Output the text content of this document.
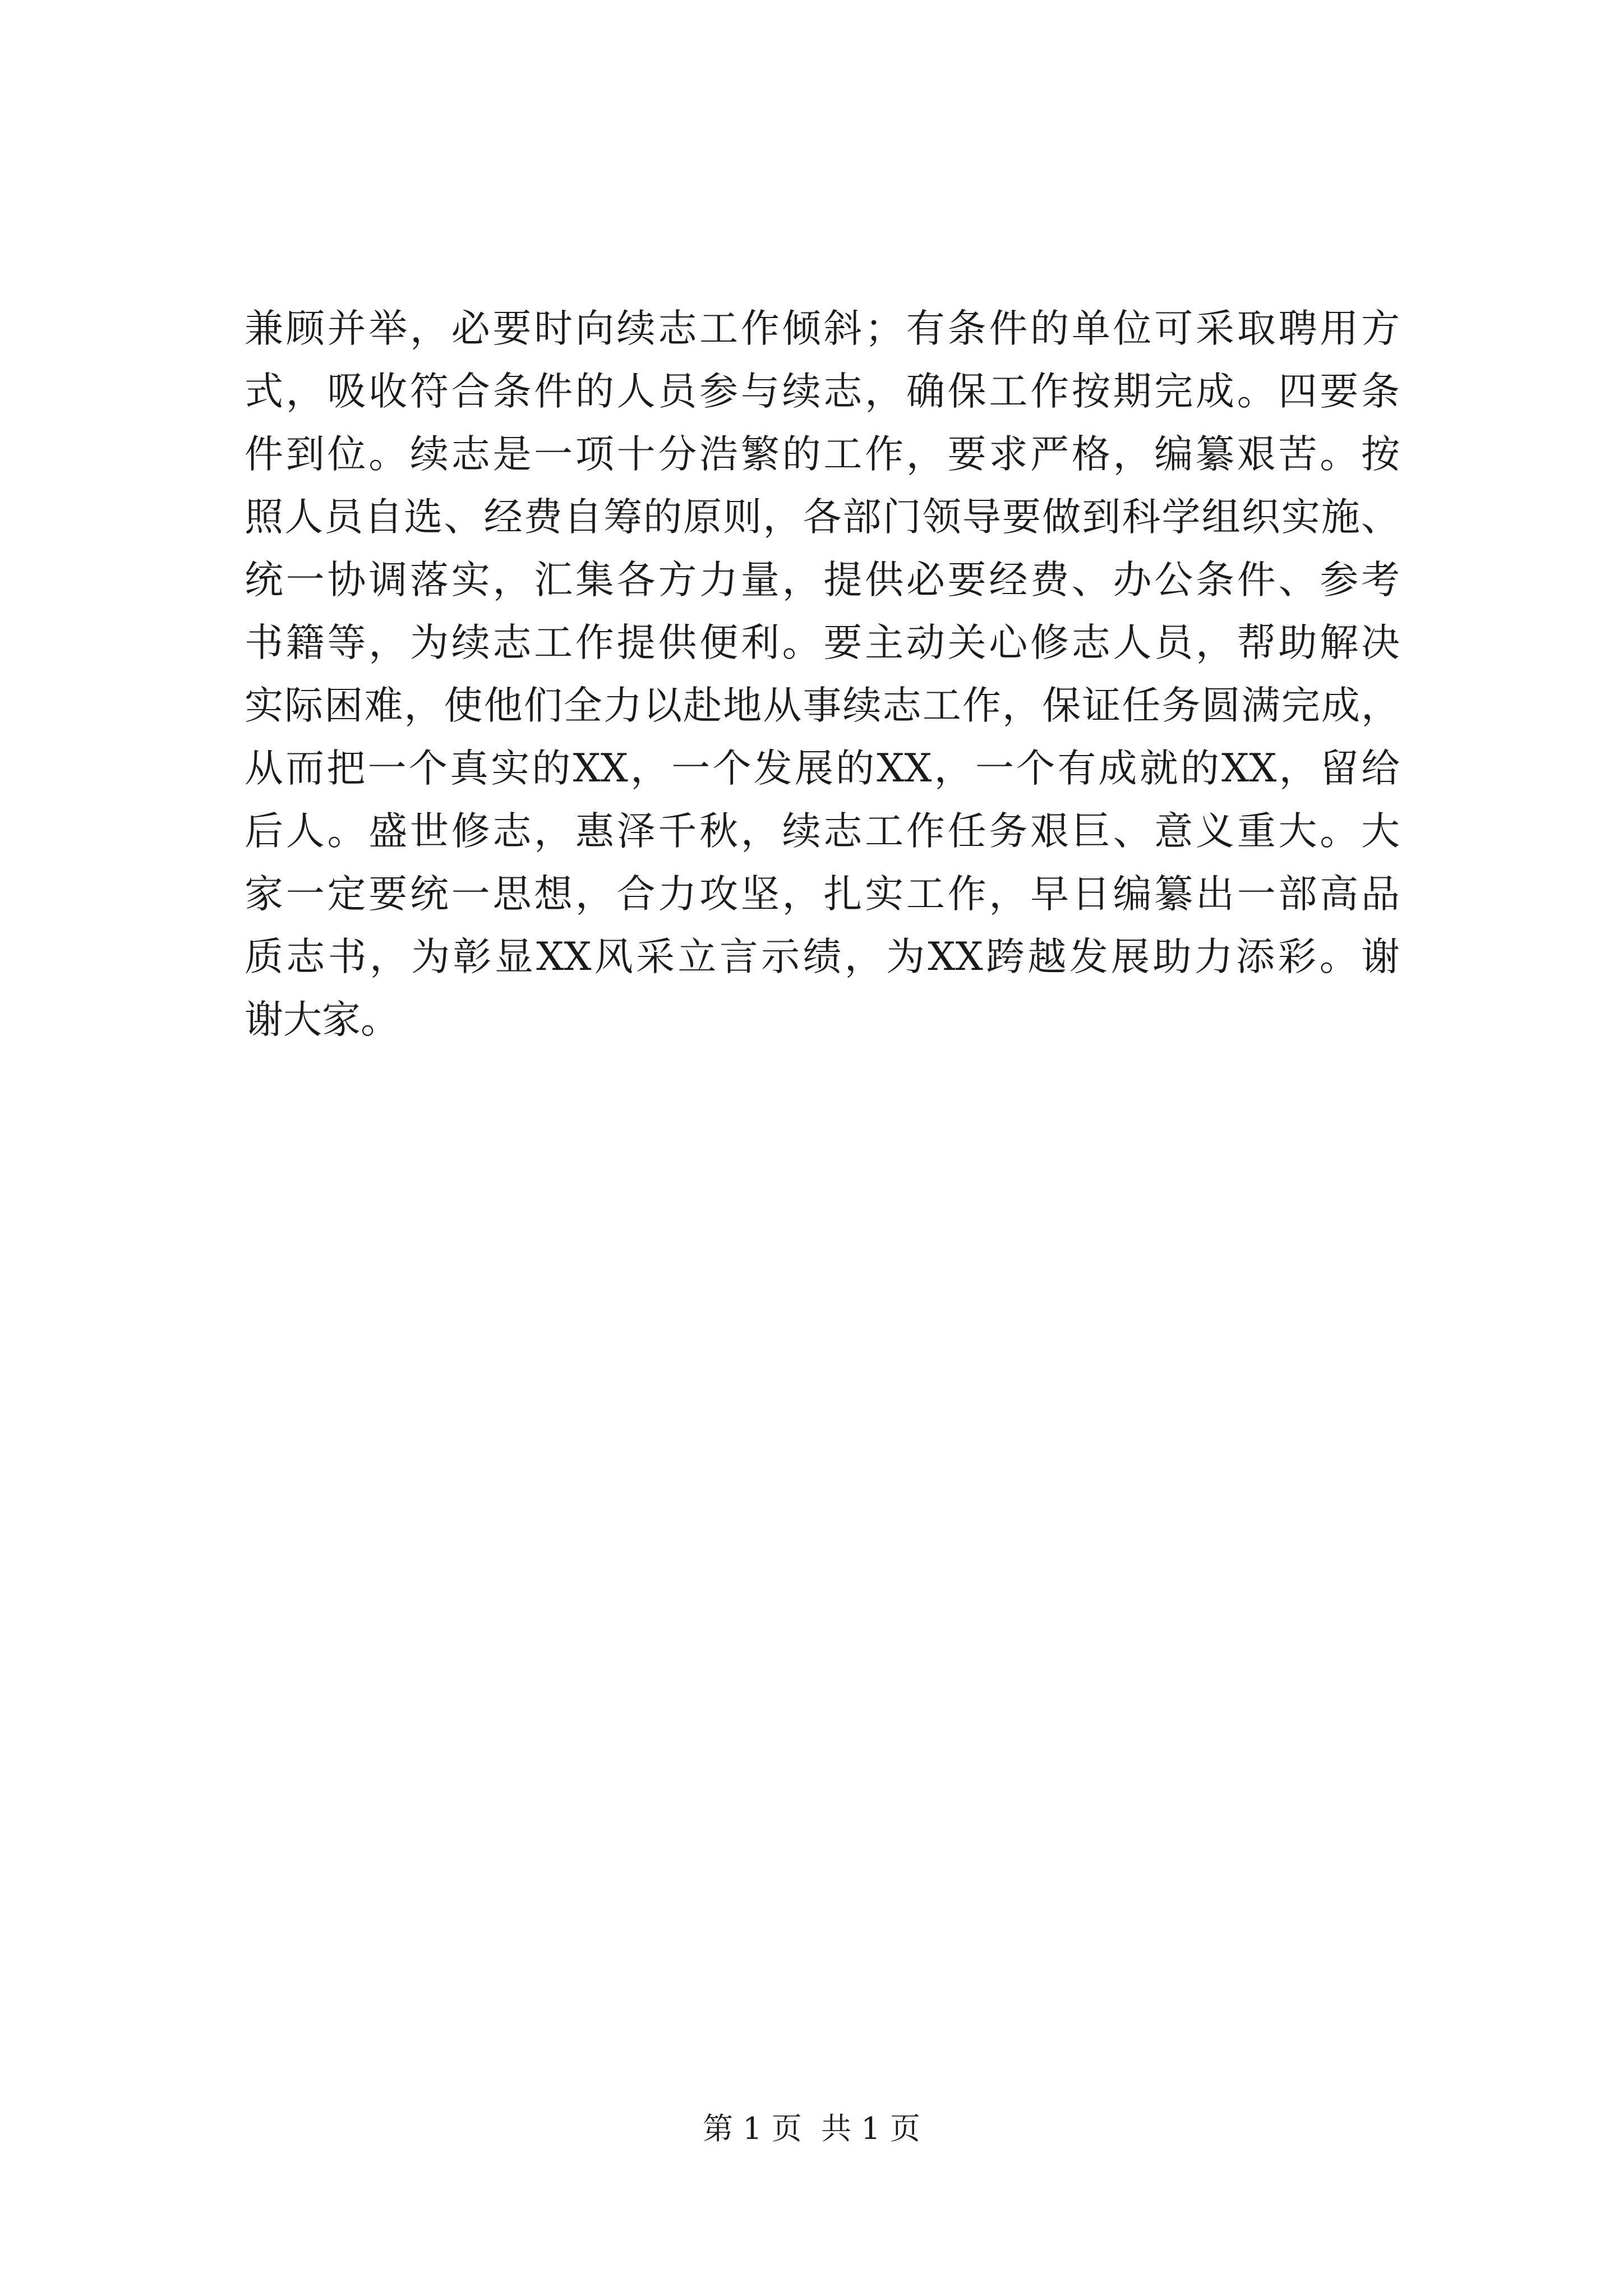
兼顾并举，必要时向续志工作倾斜；有条件的单位可采取聘用方
式，吸收符合条件的人员参与续志，确保工作按期完成。四要条
件到位。续志是一项十分浩繁的工作，要求严格，编纂艰苦。按
照人员自选、经费自筹的原则，各部门领导要做到科学组织实施、
统一协调落实，汇集各方力量，提供必要经费、办公条件、参考
书籍等，为续志工作提供便利。要主动关心修志人员，帮助解决
实际困难，使他们全力以赴地从事续志工作，保证任务圆满完成，
从而把一个真实的XX，一个发展的XX，一个有成就的XX，留给
后人。盛世修志，惠泽千秋，续志工作任务艰巨、意义重大。大
家一定要统一思想，合力攻坚，扎实工作，早日编纂出一部高品
质志书，为彰显XX风采立言示绩，为XX跨越发展助力添彩。谢
谢大家。
第 1 页  共 1 页
